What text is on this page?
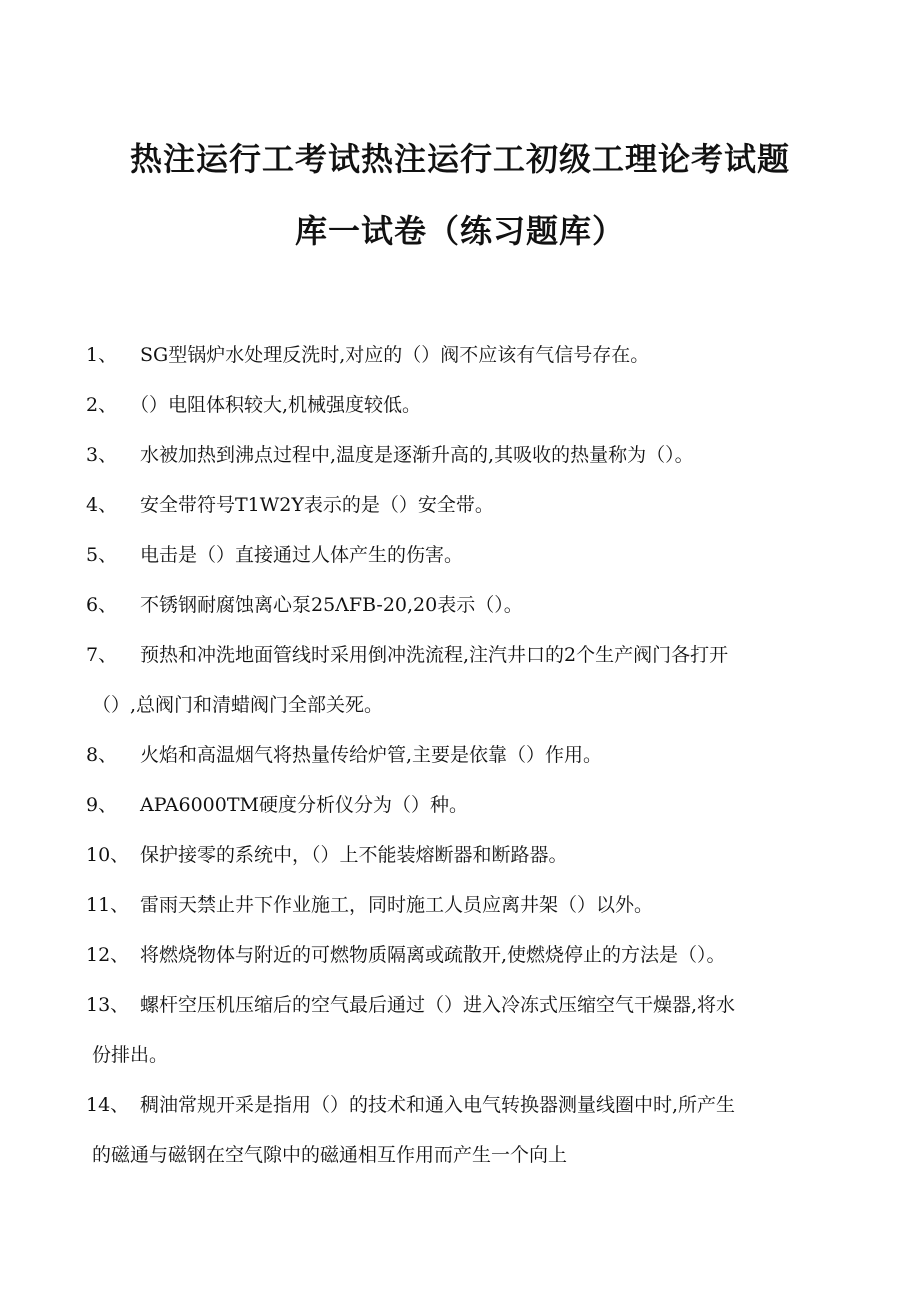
热注运行工考试热注运行工初级工理论考试题
库一试卷（练习题库）
1、 SG型锅炉水处理反洗时,对应的（）阀不应该有气信号存在。
2、 （）电阻体积较大,机械强度较低。
3、 水被加热到沸点过程中,温度是逐渐升高的,其吸收的热量称为（）。
4、 安全带符号T1W2Y表示的是（）安全带。
5、 电击是（）直接通过人体产生的伤害。
6、 不锈钢耐腐蚀离心泵25ΛFB-20,20表示（）。
7、 预热和冲洗地面管线时采用倒冲洗流程,注汽井口的2个生产阀门各打开
（）,总阀门和清蜡阀门全部关死。
8、 火焰和高温烟气将热量传给炉管,主要是依靠（）作用。
9、 APA6000TM硬度分析仪分为（）种。
10、 保护接零的系统中，（）上不能装熔断器和断路器。
11、 雷雨天禁止井下作业施工，同时施工人员应离井架（）以外。
12、 将燃烧物体与附近的可燃物质隔离或疏散开,使燃烧停止的方法是（）。
13、 螺杆空压机压缩后的空气最后通过（）进入冷冻式压缩空气干燥器,将水
份排出。
14、 稠油常规开采是指用（）的技术和通入电气转换器测量线圈中时,所产生
的磁通与磁钢在空气隙中的磁通相互作用而产生一个向上
